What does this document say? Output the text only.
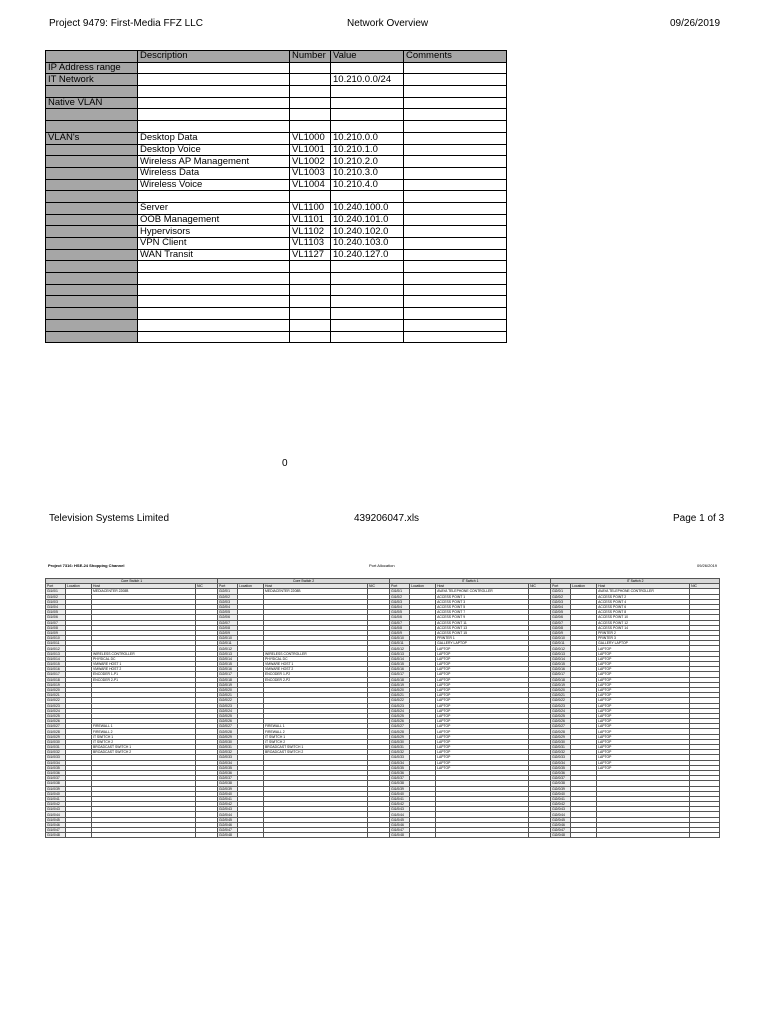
Project 9479: First-Media FFZ LLC	Network Overview	09/26/2019
	Description	Number	Value	Comments
IP Address range				
IT Network			10.210.0.0/24	

Native VLAN				

VLAN's	Desktop Data	VL1000	10.210.0.0	
	Desktop Voice	VL1001	10.210.1.0	
	Wireless AP Management	VL1002	10.210.2.0	
	Wireless Data	VL1003	10.210.3.0	
	Wireless Voice	VL1004	10.210.4.0	

	Server	VL1100	10.240.100.0	
	OOB Management	VL1101	10.240.101.0	
	Hypervisors	VL1102	10.240.102.0	
	VPN Client	VL1103	10.240.103.0	
	WAN Transit	VL1127	10.240.127.0	

0
Television Systems Limited	439206047.xls	Page 1 of 3
Project 7316: HSE-24 Shopping Channel	Port Allocation	09/26/2019
Core Switch 1				Core Switch 2				IT Switch 1				IT Switch 2			
Port	Location	Host	NIC	Port	Location	Host	NIC	Port	Location	Host	NIC	Port	Location	Host	NIC
Gi1/0/1		MEDIACENTER 2208B		Gi2/0/1		MEDIACENTER 2208B		Gi1/0/1		AVAYA TELEPHONE CONTROLLER		Gi2/0/1		AVAYA TELEPHONE CONTROLLER	
Gi1/0/2				Gi2/0/2				Gi1/0/2		ACCESS POINT 1		Gi2/0/2		ACCESS POINT 2	
Gi1/0/3				Gi2/0/3				Gi1/0/3		ACCESS POINT 3		Gi2/0/3		ACCESS POINT 4	
Gi1/0/4				Gi2/0/4				Gi1/0/4		ACCESS POINT 5		Gi2/0/4		ACCESS POINT 6	
Gi1/0/5				Gi2/0/5				Gi1/0/5		ACCESS POINT 7		Gi2/0/5		ACCESS POINT 8	
Gi1/0/6				Gi2/0/6				Gi1/0/6		ACCESS POINT 9		Gi2/0/6		ACCESS POINT 10	
Gi1/0/7				Gi2/0/7				Gi1/0/7		ACCESS POINT 11		Gi2/0/7		ACCESS POINT 12	
Gi1/0/8				Gi2/0/8				Gi1/0/8		ACCESS POINT 13		Gi2/0/8		ACCESS POINT 14	
Gi1/0/9				Gi2/0/9				Gi1/0/9		ACCESS POINT 15		Gi2/0/9		PRINTER 2	
Gi1/0/10				Gi2/0/10				Gi1/0/10		PRINTER 1		Gi2/0/10		PRINTER 3	
Gi1/0/11				Gi2/0/11				Gi1/0/11		GALLERY LAPTOP		Gi2/0/11		GALLERY LAPTOP	
Gi1/0/12				Gi2/0/12				Gi1/0/12		LAPTOP		Gi2/0/12		LAPTOP	
Gi1/0/13		WIRELESS CONTROLLER		Gi2/0/13		WIRELESS CONTROLLER		Gi1/0/13		LAPTOP		Gi2/0/13		LAPTOP	
Gi1/0/14		PHYSICAL DC		Gi2/0/14		PHYSICAL DC		Gi1/0/14		LAPTOP		Gi2/0/14		LAPTOP	
Gi1/0/15		VMWARE HOST 1		Gi2/0/15		VMWARE HOST 1		Gi1/0/15		LAPTOP		Gi2/0/15		LAPTOP	
Gi1/0/16		VMWARE HOST 2		Gi2/0/16		VMWARE HOST 2		Gi1/0/16		LAPTOP		Gi2/0/16		LAPTOP	
Gi1/0/17		ENCODER 1-P1		Gi2/0/17		ENCODER 1-P2		Gi1/0/17		LAPTOP		Gi2/0/17		LAPTOP	
Gi1/0/18		ENCODER 2-P1		Gi2/0/18		ENCODER 2-P2		Gi1/0/18		LAPTOP		Gi2/0/18		LAPTOP	
Gi1/0/19				Gi2/0/19				Gi1/0/19		LAPTOP		Gi2/0/19		LAPTOP	
Gi1/0/20				Gi2/0/20				Gi1/0/20		LAPTOP		Gi2/0/20		LAPTOP	
Gi1/0/21				Gi2/0/21				Gi1/0/21		LAPTOP		Gi2/0/21		LAPTOP	
Gi1/0/22				Gi2/0/22				Gi1/0/22		LAPTOP		Gi2/0/22		LAPTOP	
Gi1/0/23				Gi2/0/23				Gi1/0/23		LAPTOP		Gi2/0/23		LAPTOP	
Gi1/0/24				Gi2/0/24				Gi1/0/24		LAPTOP		Gi2/0/24		LAPTOP	
Gi1/0/25				Gi2/0/25				Gi1/0/25		LAPTOP		Gi2/0/25		LAPTOP	
Gi1/0/26				Gi2/0/26				Gi1/0/26		LAPTOP		Gi2/0/26		LAPTOP	
Gi1/0/27		FIREWALL 1		Gi2/0/27		FIREWALL 1		Gi1/0/27		LAPTOP		Gi2/0/27		LAPTOP	
Gi1/0/28		FIREWALL 2		Gi2/0/28		FIREWALL 2		Gi1/0/28		LAPTOP		Gi2/0/28		LAPTOP	
Gi1/0/29		IT SWITCH 1		Gi2/0/29		IT SWITCH 1		Gi1/0/29		LAPTOP		Gi2/0/29		LAPTOP	
Gi1/0/30		IT SWITCH 2		Gi2/0/30		IT SWITCH 2		Gi1/0/30		LAPTOP		Gi2/0/30		LAPTOP	
Gi1/0/31		BROADCAST SWITCH 1		Gi2/0/31		BROADCAST SWITCH 1		Gi1/0/31		LAPTOP		Gi2/0/31		LAPTOP	
Gi1/0/32		BROADCAST SWITCH 2		Gi2/0/32		BROADCAST SWITCH 2		Gi1/0/32		LAPTOP		Gi2/0/32		LAPTOP	
Gi1/0/33				Gi2/0/33				Gi1/0/33		LAPTOP		Gi2/0/33		LAPTOP	
Gi1/0/34				Gi2/0/34				Gi1/0/34		LAPTOP		Gi2/0/34		LAPTOP	
Gi1/0/35				Gi2/0/35				Gi1/0/35		LAPTOP		Gi2/0/35		LAPTOP	
Gi1/0/36				Gi2/0/36				Gi1/0/36				Gi2/0/36			
Gi1/0/37				Gi2/0/37				Gi1/0/37				Gi2/0/37			
Gi1/0/38				Gi2/0/38				Gi1/0/38				Gi2/0/38			
Gi1/0/39				Gi2/0/39				Gi1/0/39				Gi2/0/39			
Gi1/0/40				Gi2/0/40				Gi1/0/40				Gi2/0/40			
Gi1/0/41				Gi2/0/41				Gi1/0/41				Gi2/0/41			
Gi1/0/42				Gi2/0/42				Gi1/0/42				Gi2/0/42			
Gi1/0/43				Gi2/0/43				Gi1/0/43				Gi2/0/43			
Gi1/0/44				Gi2/0/44				Gi1/0/44				Gi2/0/44			
Gi1/0/45				Gi2/0/45				Gi1/0/45				Gi2/0/45			
Gi1/0/46				Gi2/0/46				Gi1/0/46				Gi2/0/46			
Gi1/0/47				Gi2/0/47				Gi1/0/47				Gi2/0/47			
Gi1/0/48				Gi2/0/48				Gi1/0/48				Gi2/0/48			
